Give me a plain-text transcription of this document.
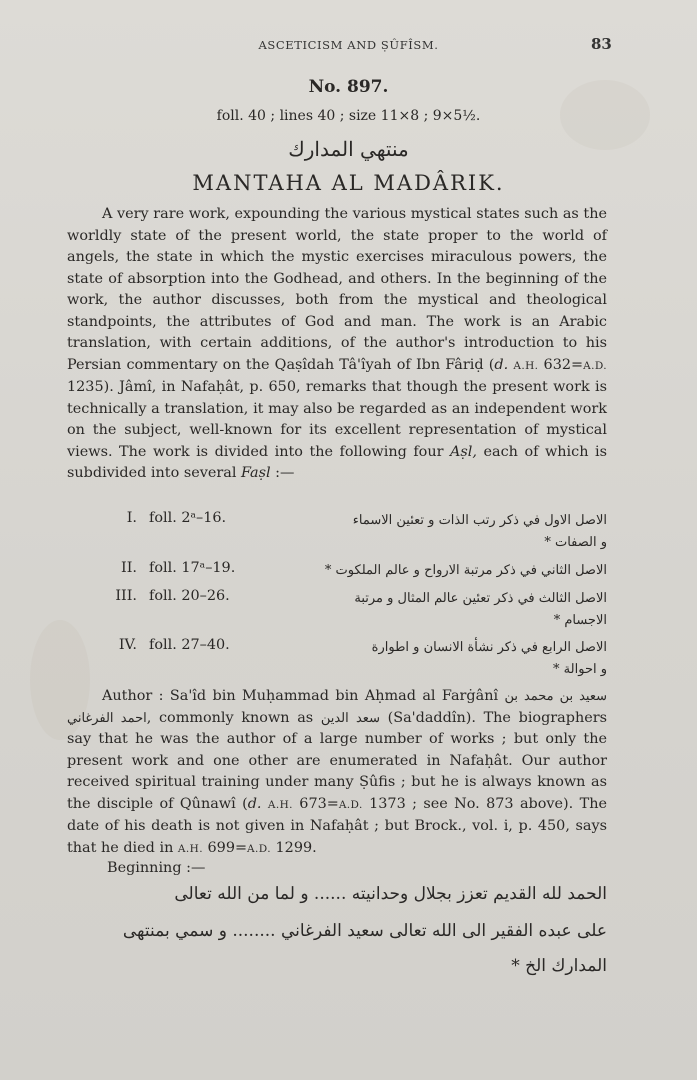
ASCETICISM AND ṢÛFÎSM.	83
No. 897.
foll. 40 ; lines 40 ; size 11×8 ; 9×5½.
منتهي المدارك
MANTAHA AL MADÂRIK.

A very rare work, expounding the various mystical states such as the worldly state of the present world, the state proper to the world of angels, the state in which the mystic exercises miraculous powers, the state of absorption into the Godhead, and others. In the beginning of the work, the author discusses, both from the mystical and theological standpoints, the attributes of God and man. The work is an Arabic translation, with certain additions, of the author's introduction to his Persian commentary on the Qaṣîdah Tâ'îyah of Ibn Fâriḍ (d. A.H. 632=A.D. 1235). Jâmî, in Nafaḥât, p. 650, remarks that though the present work is technically a translation, it may also be regarded as an independent work on the subject, well-known for its excellent representation of mystical views. The work is divided into the following four Aṣl, each of which is subdivided into several Faṣl :—

I. foll. 2ᵃ–16.	الاصل الاول في ذكر رتب الذات و تعئين الاسماء
و الصفات *
II. foll. 17ᵃ–19.	الاصل الثاني في ذكر مرتبة الارواح و عالم الملكوت *
III. foll. 20–26.	الاصل الثالث في ذكر تعئين عالم المثال و مرتبة
الاجسام *
IV. foll. 27–40.	الاصل الرابع في ذكر نشأة الانسان و اطوارة
و احوالة *

Author : Sa'îd bin Muḥammad bin Aḥmad al Farġânî سعيد بن محمد بن احمد الفرغاني, commonly known as سعد الدين (Sa'daddîn). The biographers say that he was the author of a large number of works ; but only the present work and one other are enumerated in Nafaḥât. Our author received spiritual training under many Ṣûfis ; but he is always known as the disciple of Qûnawî (d. A.H. 673=A.D. 1373 ; see No. 873 above). The date of his death is not given in Nafaḥât ; but Brock., vol. i, p. 450, says that he died in A.H. 699=A.D. 1299.

Beginning :—
الحمد لله القديم تعزز بجلال وحدانيته ...... و لما من الله تعالى
على عبده الفقير الى الله تعالى سعيد الفرغاني ........ و سمي بمنتهى
المدارك الخ *
